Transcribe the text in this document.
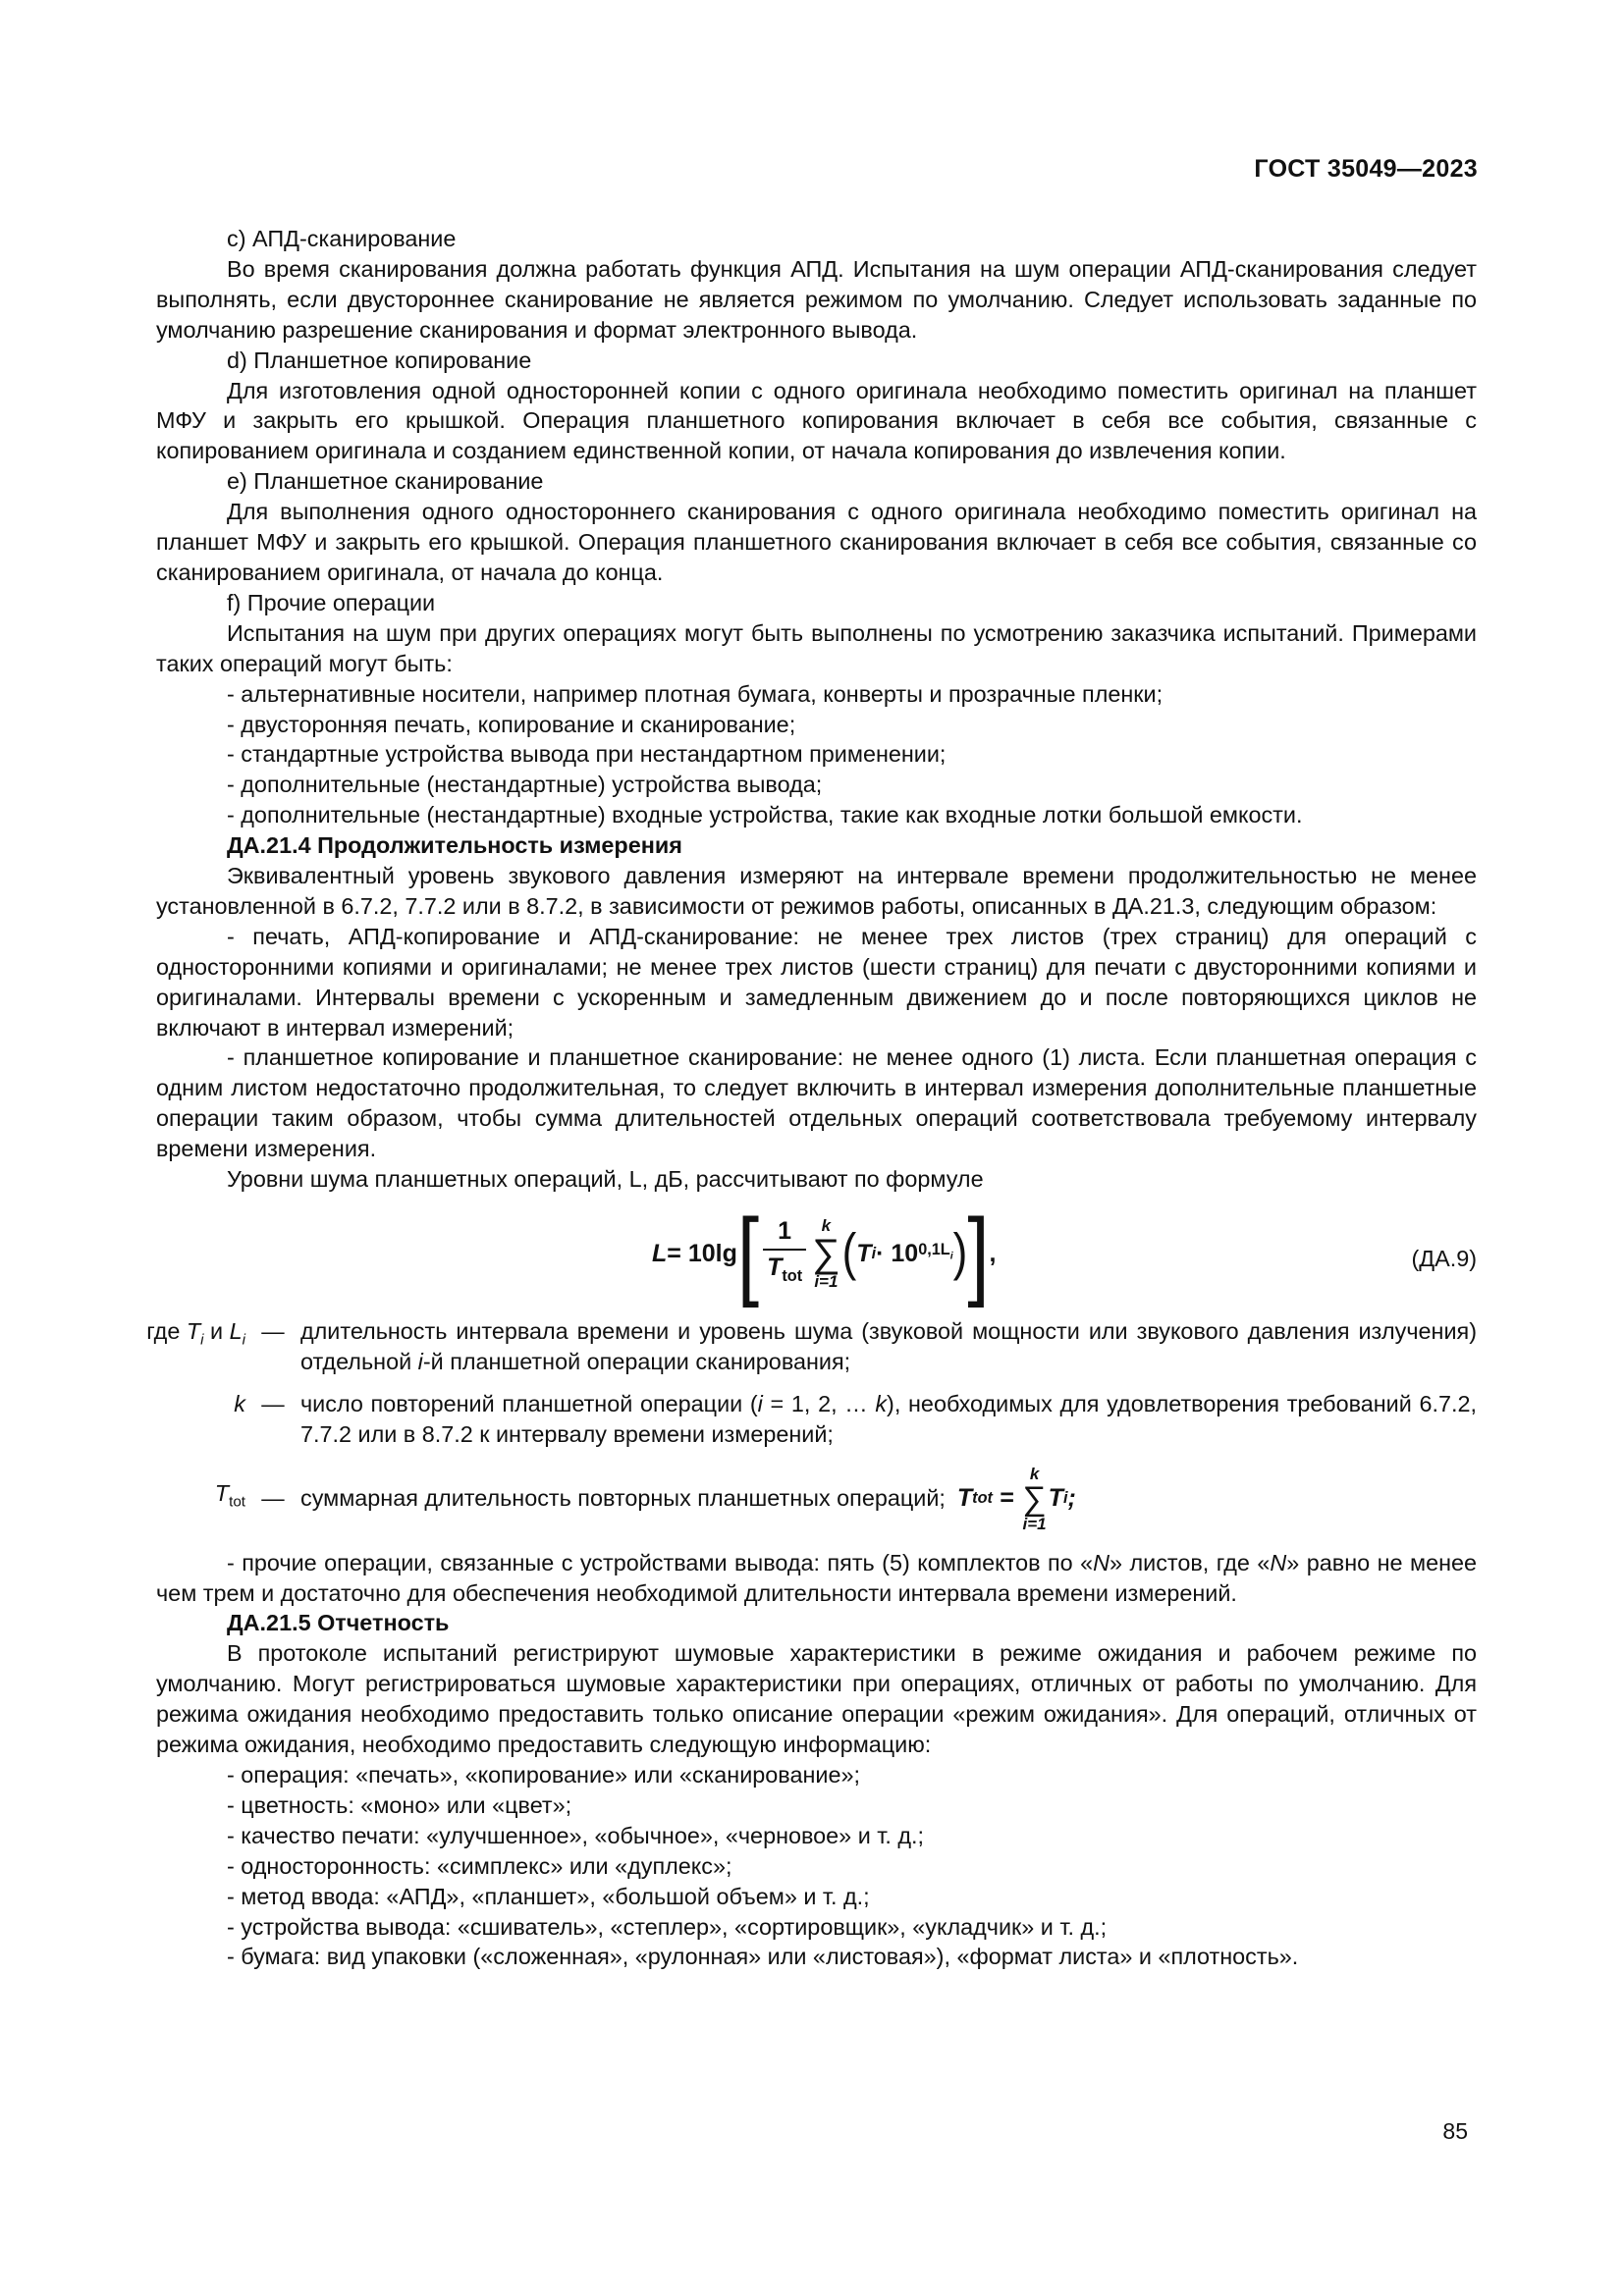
ГОСТ 35049—2023

c) АПД-сканирование

Во время сканирования должна работать функция АПД. Испытания на шум операции АПД-сканирования следует выполнять, если двустороннее сканирование не является режимом по умолчанию. Следует использовать заданные по умолчанию разрешение сканирования и формат электронного вывода.

d) Планшетное копирование

Для изготовления одной односторонней копии с одного оригинала необходимо поместить оригинал на планшет МФУ и закрыть его крышкой. Операция планшетного копирования включает в себя все события, связанные с копированием оригинала и созданием единственной копии, от начала копирования до извлечения копии.

e) Планшетное сканирование

Для выполнения одного одностороннего сканирования с одного оригинала необходимо поместить оригинал на планшет МФУ и закрыть его крышкой. Операция планшетного сканирования включает в себя все события, связанные со сканированием оригинала, от начала до конца.

f) Прочие операции

Испытания на шум при других операциях могут быть выполнены по усмотрению заказчика испытаний. Примерами таких операций могут быть:

- альтернативные носители, например плотная бумага, конверты и прозрачные пленки;

- двусторонняя печать, копирование и сканирование;

- стандартные устройства вывода при нестандартном применении;

- дополнительные (нестандартные) устройства вывода;

- дополнительные (нестандартные) входные устройства, такие как входные лотки большой емкости.

ДА.21.4 Продолжительность измерения

Эквивалентный уровень звукового давления измеряют на интервале времени продолжительностью не менее установленной в 6.7.2, 7.7.2 или в 8.7.2, в зависимости от режимов работы, описанных в ДА.21.3, следующим образом:

- печать, АПД-копирование и АПД-сканирование: не менее трех листов (трех страниц) для операций с односторонними копиями и оригиналами; не менее трех листов (шести страниц) для печати с двусторонними копиями и оригиналами. Интервалы времени с ускоренным и замедленным движением до и после повторяющихся циклов не включают в интервал измерений;

- планшетное копирование и планшетное сканирование: не менее одного (1) листа. Если планшетная операция с одним листом недостаточно продолжительная, то следует включить в интервал измерения дополнительные планшетные операции таким образом, чтобы сумма длительностей отдельных операций соответствовала требуемому интервалу времени измерения.

Уровни шума планшетных операций, L, дБ, рассчитывают по формуле

L = 10lg [ $\frac{1}{T_{tot}}$ k
∑
i=1
( T i · 10 $0,1L_i$ ) ] ,	(ДА.9)
где $T_i$ и $L_i$ — длительность интервала времени и уровень шума (звуковой мощности или звукового давления излучения) отдельной i-й планшетной операции сканирования;
k — число повторений планшетной операции (i = 1, 2, … k), необходимых для удовлетворения требований 6.7.2, 7.7.2 или в 8.7.2 к интервалу времени измерений;
$T_{tot}$ — суммарная длительность повторных планшетных операций; T tot =
k
∑
i=1
T i ;

- прочие операции, связанные с устройствами вывода: пять (5) комплектов по «N» листов, где «N» равно не менее чем трем и достаточно для обеспечения необходимой длительности интервала времени измерений.

ДА.21.5 Отчетность

В протоколе испытаний регистрируют шумовые характеристики в режиме ожидания и рабочем режиме по умолчанию. Могут регистрироваться шумовые характеристики при операциях, отличных от работы по умолчанию. Для режима ожидания необходимо предоставить только описание операции «режим ожидания». Для операций, отличных от режима ожидания, необходимо предоставить следующую информацию:

- операция: «печать», «копирование» или «сканирование»;

- цветность: «моно» или «цвет»;

- качество печати: «улучшенное», «обычное», «черновое» и т. д.;

- односторонность: «симплекс» или «дуплекс»;

- метод ввода: «АПД», «планшет», «большой объем» и т. д.;

- устройства вывода: «сшиватель», «степлер», «сортировщик», «укладчик» и т. д.;

- бумага: вид упаковки («сложенная», «рулонная» или «листовая»), «формат листа» и «плотность».

85
